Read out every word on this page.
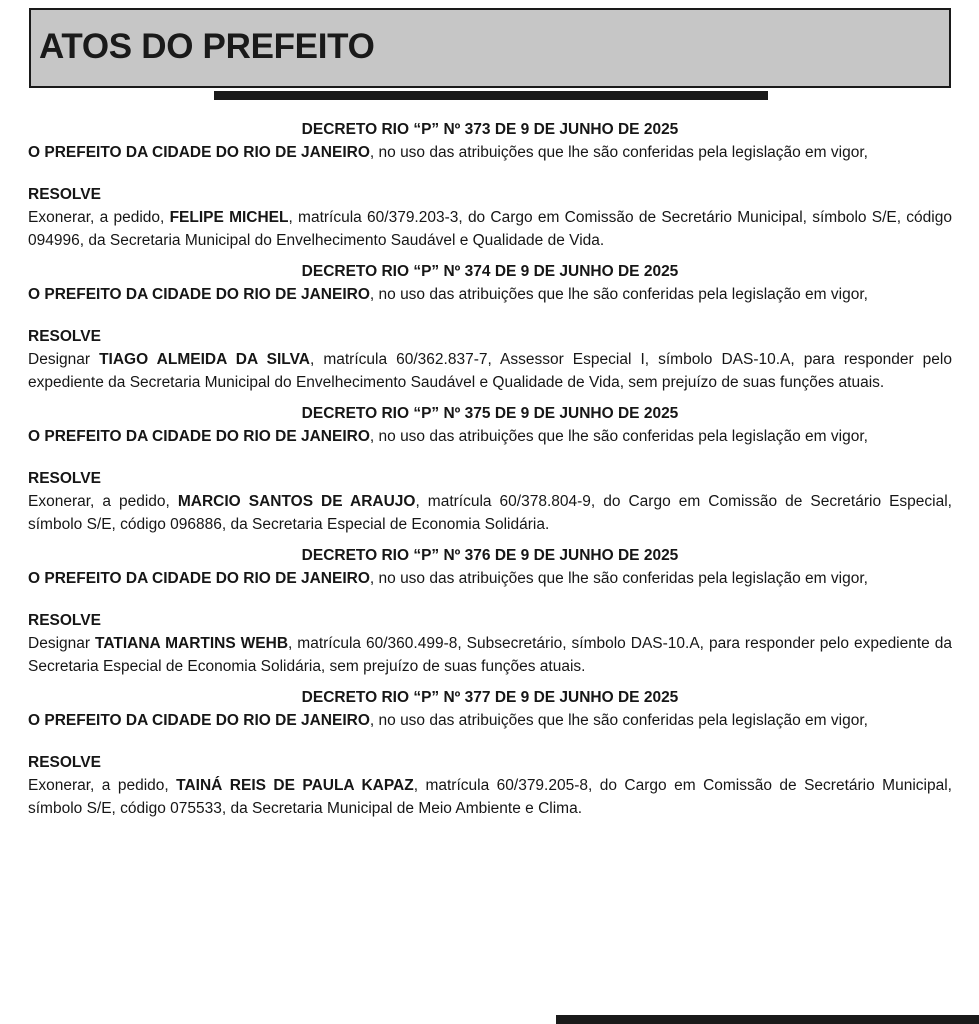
ATOS DO PREFEITO

DECRETO RIO “P” Nº 373 DE 9 DE JUNHO DE 2025

O PREFEITO DA CIDADE DO RIO DE JANEIRO, no uso das atribuições que lhe são conferidas pela legislação em vigor,

RESOLVE

Exonerar, a pedido, FELIPE MICHEL, matrícula 60/379.203-3, do Cargo em Comissão de Secretário Municipal, símbolo S/E, código 094996, da Secretaria Municipal do Envelhecimento Saudável e Qualidade de Vida.

DECRETO RIO “P” Nº 374 DE 9 DE JUNHO DE 2025

O PREFEITO DA CIDADE DO RIO DE JANEIRO, no uso das atribuições que lhe são conferidas pela legislação em vigor,

RESOLVE

Designar TIAGO ALMEIDA DA SILVA, matrícula 60/362.837-7, Assessor Especial I, símbolo DAS-10.A, para responder pelo expediente da Secretaria Municipal do Envelhecimento Saudável e Qualidade de Vida, sem prejuízo de suas funções atuais.

DECRETO RIO “P” Nº 375 DE 9 DE JUNHO DE 2025

O PREFEITO DA CIDADE DO RIO DE JANEIRO, no uso das atribuições que lhe são conferidas pela legislação em vigor,

RESOLVE

Exonerar, a pedido, MARCIO SANTOS DE ARAUJO, matrícula 60/378.804-9, do Cargo em Comissão de Secretário Especial, símbolo S/E, código 096886, da Secretaria Especial de Economia Solidária.

DECRETO RIO “P” Nº 376 DE 9 DE JUNHO DE 2025

O PREFEITO DA CIDADE DO RIO DE JANEIRO, no uso das atribuições que lhe são conferidas pela legislação em vigor,

RESOLVE

Designar TATIANA MARTINS WEHB, matrícula 60/360.499-8, Subsecretário, símbolo DAS-10.A, para responder pelo expediente da Secretaria Especial de Economia Solidária, sem prejuízo de suas funções atuais.

DECRETO RIO “P” Nº 377 DE 9 DE JUNHO DE 2025

O PREFEITO DA CIDADE DO RIO DE JANEIRO, no uso das atribuições que lhe são conferidas pela legislação em vigor,

RESOLVE

Exonerar, a pedido, TAINÁ REIS DE PAULA KAPAZ, matrícula 60/379.205-8, do Cargo em Comissão de Secretário Municipal, símbolo S/E, código 075533, da Secretaria Municipal de Meio Ambiente e Clima.
